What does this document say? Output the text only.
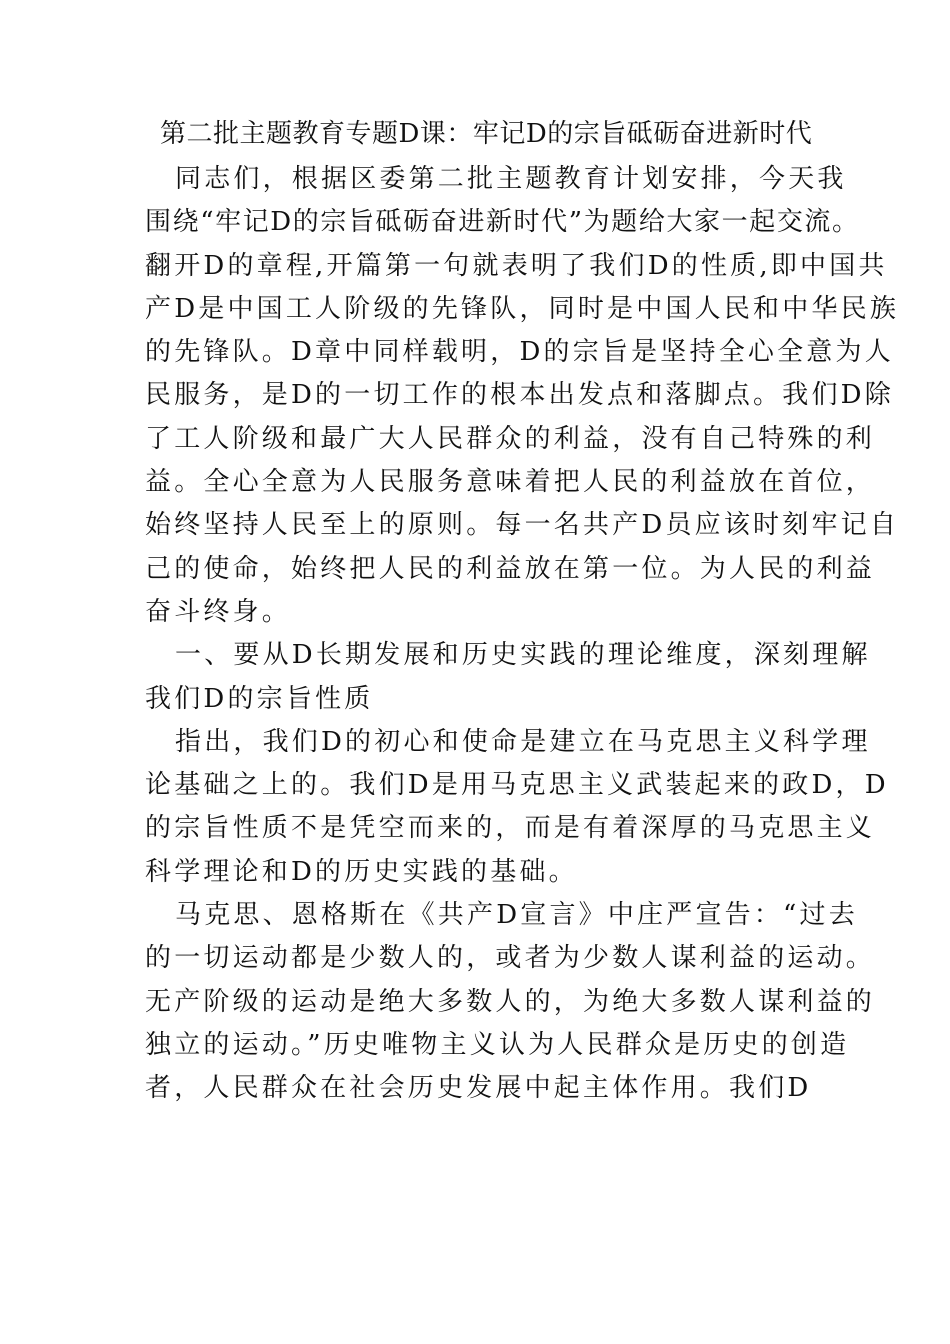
第二批主题教育专题D课：牢记D的宗旨砥砺奋进新时代
同志们，根据区委第二批主题教育计划安排，今天我
围绕“牢记D的宗旨砥砺奋进新时代”为题给大家一起交流。
翻开D的章程,开篇第一句就表明了我们D的性质,即中国共
产D是中国工人阶级的先锋队，同时是中国人民和中华民族
的先锋队。D章中同样载明，D的宗旨是坚持全心全意为人
民服务，是D的一切工作的根本出发点和落脚点。我们D除
了工人阶级和最广大人民群众的利益，没有自己特殊的利
益。全心全意为人民服务意味着把人民的利益放在首位，
始终坚持人民至上的原则。每一名共产D员应该时刻牢记自
己的使命，始终把人民的利益放在第一位。为人民的利益
奋斗终身。
一、要从D长期发展和历史实践的理论维度，深刻理解
我们D的宗旨性质
指出，我们D的初心和使命是建立在马克思主义科学理
论基础之上的。我们D是用马克思主义武装起来的政D，D
的宗旨性质不是凭空而来的，而是有着深厚的马克思主义
科学理论和D的历史实践的基础。
马克思、恩格斯在《共产D宣言》中庄严宣告：“过去
的一切运动都是少数人的，或者为少数人谋利益的运动。
无产阶级的运动是绝大多数人的，为绝大多数人谋利益的
独立的运动。”历史唯物主义认为人民群众是历史的创造
者，人民群众在社会历史发展中起主体作用。我们D
